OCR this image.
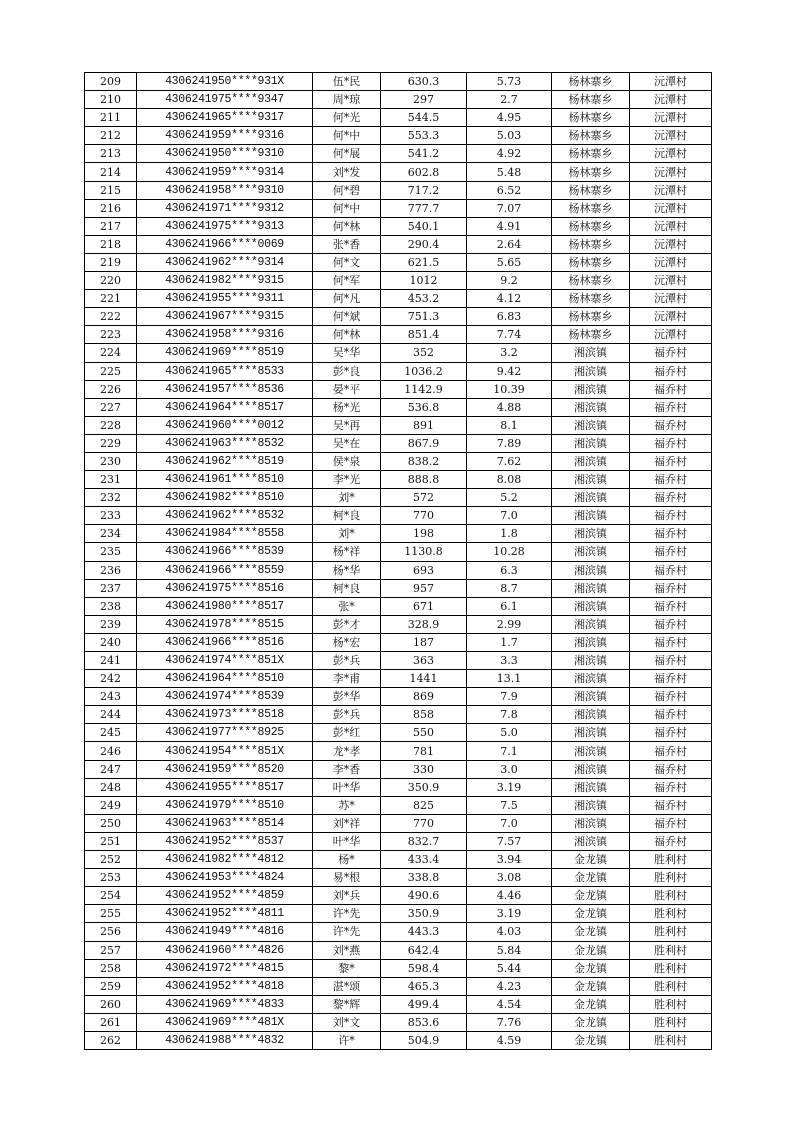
209	4306241950****931X	伍*民	630.3	5.73	杨林寨乡	沅潭村
210	4306241975****9347	周*琼	297	2.7	杨林寨乡	沅潭村
211	4306241965****9317	何*光	544.5	4.95	杨林寨乡	沅潭村
212	4306241959****9316	何*中	553.3	5.03	杨林寨乡	沅潭村
213	4306241950****9310	何*展	541.2	4.92	杨林寨乡	沅潭村
214	4306241959****9314	刘*发	602.8	5.48	杨林寨乡	沅潭村
215	4306241958****9310	何*碧	717.2	6.52	杨林寨乡	沅潭村
216	4306241971****9312	何*中	777.7	7.07	杨林寨乡	沅潭村
217	4306241975****9313	何*林	540.1	4.91	杨林寨乡	沅潭村
218	4306241966****0069	张*香	290.4	2.64	杨林寨乡	沅潭村
219	4306241962****9314	何*文	621.5	5.65	杨林寨乡	沅潭村
220	4306241982****9315	何*军	1012	9.2	杨林寨乡	沅潭村
221	4306241955****9311	何*凡	453.2	4.12	杨林寨乡	沅潭村
222	4306241967****9315	何*斌	751.3	6.83	杨林寨乡	沅潭村
223	4306241958****9316	何*林	851.4	7.74	杨林寨乡	沅潭村
224	4306241969****8519	吴*华	352	3.2	湘滨镇	福乔村
225	4306241965****8533	彭*良	1036.2	9.42	湘滨镇	福乔村
226	4306241957****8536	晏*平	1142.9	10.39	湘滨镇	福乔村
227	4306241964****8517	杨*光	536.8	4.88	湘滨镇	福乔村
228	4306241960****0012	吴*再	891	8.1	湘滨镇	福乔村
229	4306241963****8532	吴*在	867.9	7.89	湘滨镇	福乔村
230	4306241962****8519	侯*泉	838.2	7.62	湘滨镇	福乔村
231	4306241961****8510	李*光	888.8	8.08	湘滨镇	福乔村
232	4306241982****8510	刘*	572	5.2	湘滨镇	福乔村
233	4306241962****8532	柯*良	770	7.0	湘滨镇	福乔村
234	4306241984****8558	刘*	198	1.8	湘滨镇	福乔村
235	4306241966****8539	杨*祥	1130.8	10.28	湘滨镇	福乔村
236	4306241966****8559	杨*华	693	6.3	湘滨镇	福乔村
237	4306241975****8516	柯*良	957	8.7	湘滨镇	福乔村
238	4306241980****8517	张*	671	6.1	湘滨镇	福乔村
239	4306241978****8515	彭*才	328.9	2.99	湘滨镇	福乔村
240	4306241966****8516	杨*宏	187	1.7	湘滨镇	福乔村
241	4306241974****851X	彭*兵	363	3.3	湘滨镇	福乔村
242	4306241964****8510	李*甫	1441	13.1	湘滨镇	福乔村
243	4306241974****8539	彭*华	869	7.9	湘滨镇	福乔村
244	4306241973****8518	彭*兵	858	7.8	湘滨镇	福乔村
245	4306241977****8925	彭*红	550	5.0	湘滨镇	福乔村
246	4306241954****851X	龙*孝	781	7.1	湘滨镇	福乔村
247	4306241959****8520	李*香	330	3.0	湘滨镇	福乔村
248	4306241955****8517	叶*华	350.9	3.19	湘滨镇	福乔村
249	4306241979****8510	苏*	825	7.5	湘滨镇	福乔村
250	4306241963****8514	刘*祥	770	7.0	湘滨镇	福乔村
251	4306241952****8537	叶*华	832.7	7.57	湘滨镇	福乔村
252	4306241982****4812	杨*	433.4	3.94	金龙镇	胜利村
253	4306241953****4824	易*根	338.8	3.08	金龙镇	胜利村
254	4306241952****4859	刘*兵	490.6	4.46	金龙镇	胜利村
255	4306241952****4811	许*先	350.9	3.19	金龙镇	胜利村
256	4306241949****4816	许*先	443.3	4.03	金龙镇	胜利村
257	4306241960****4826	刘*燕	642.4	5.84	金龙镇	胜利村
258	4306241972****4815	黎*	598.4	5.44	金龙镇	胜利村
259	4306241952****4818	湛*颂	465.3	4.23	金龙镇	胜利村
260	4306241969****4833	黎*辉	499.4	4.54	金龙镇	胜利村
261	4306241969****481X	刘*文	853.6	7.76	金龙镇	胜利村
262	4306241988****4832	许*	504.9	4.59	金龙镇	胜利村
